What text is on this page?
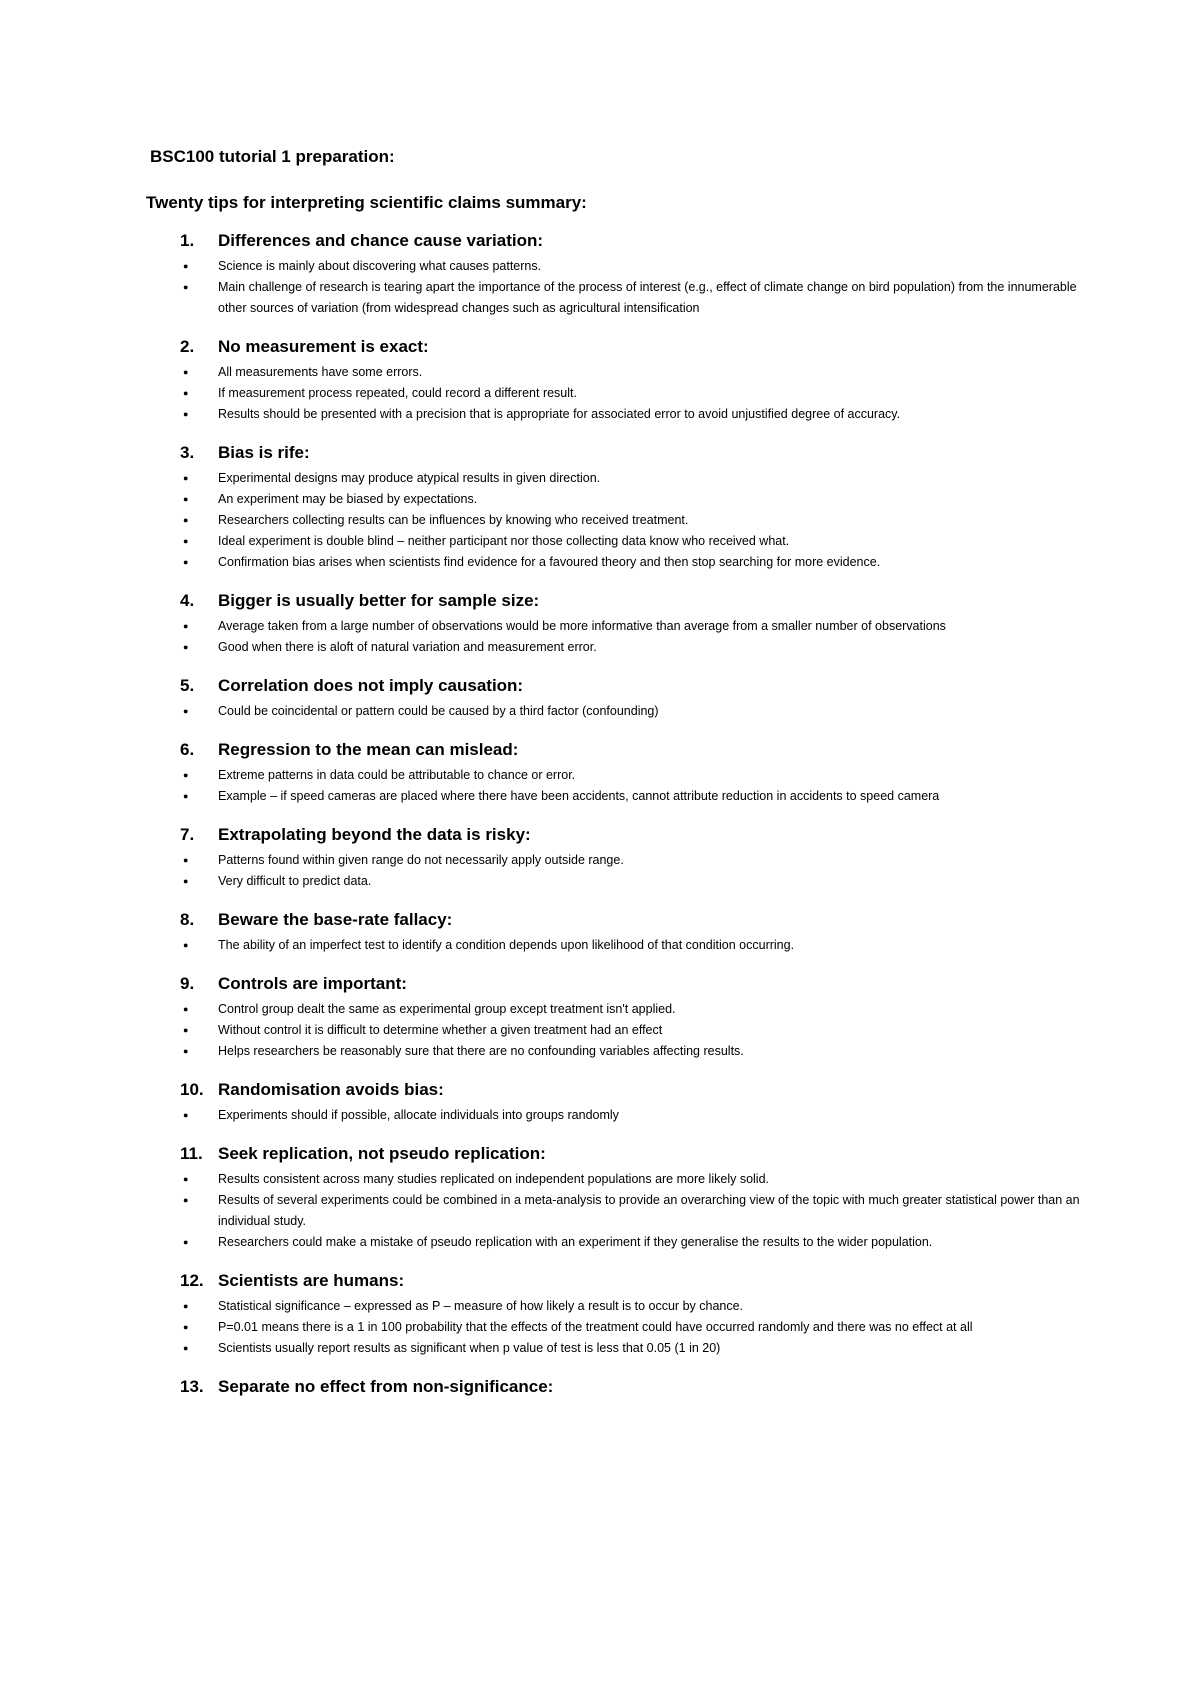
BSC100 tutorial 1 preparation:
Twenty tips for interpreting scientific claims summary:
1.	Differences and chance cause variation:
●	Science is mainly about discovering what causes patterns.
●	Main challenge of research is tearing apart the importance of the process of interest (e.g., effect of climate change on bird population) from the innumerable other sources of variation (from widespread changes such as agricultural intensification
2.	No measurement is exact:
●	All measurements have some errors.
●	If measurement process repeated, could record a different result.
●	Results should be presented with a precision that is appropriate for associated error to avoid unjustified degree of accuracy.
3.	Bias is rife:
●	Experimental designs may produce atypical results in given direction.
●	An experiment may be biased by expectations.
●	Researchers collecting results can be influences by knowing who received treatment.
●	Ideal experiment is double blind – neither participant nor those collecting data know who received what.
●	Confirmation bias arises when scientists find evidence for a favoured theory and then stop searching for more evidence.
4.	Bigger is usually better for sample size:
●	Average taken from a large number of observations would be more informative than average from a smaller number of observations
●	Good when there is aloft of natural variation and measurement error.
5.	Correlation does not imply causation:
●	Could be coincidental or pattern could be caused by a third factor (confounding)
6.	Regression to the mean can mislead:
●	Extreme patterns in data could be attributable to chance or error.
●	Example – if speed cameras are placed where there have been accidents, cannot attribute reduction in accidents to speed camera
7.	Extrapolating beyond the data is risky:
●	Patterns found within given range do not necessarily apply outside range.
●	Very difficult to predict data.
8.	Beware the base-rate fallacy:
●	The ability of an imperfect test to identify a condition depends upon likelihood of that condition occurring.
9.	Controls are important:
●	Control group dealt the same as experimental group except treatment isn't applied.
●	Without control it is difficult to determine whether a given treatment had an effect
●	Helps researchers be reasonably sure that there are no confounding variables affecting results.
10. Randomisation avoids bias:
●	Experiments should if possible, allocate individuals into groups randomly
11. Seek replication, not pseudo replication:
●	Results consistent across many studies replicated on independent populations are more likely solid.
●	Results of several experiments could be combined in a meta-analysis to provide an overarching view of the topic with much greater statistical power than an individual study.
●	Researchers could make a mistake of pseudo replication with an experiment if they generalise the results to the wider population.
12. Scientists are humans:
●	Statistical significance – expressed as P – measure of how likely a result is to occur by chance.
●	P=0.01 means there is a 1 in 100 probability that the effects of the treatment could have occurred randomly and there was no effect at all
●	Scientists usually report results as significant when p value of test is less that 0.05 (1 in 20)
13. Separate no effect from non-significance:
